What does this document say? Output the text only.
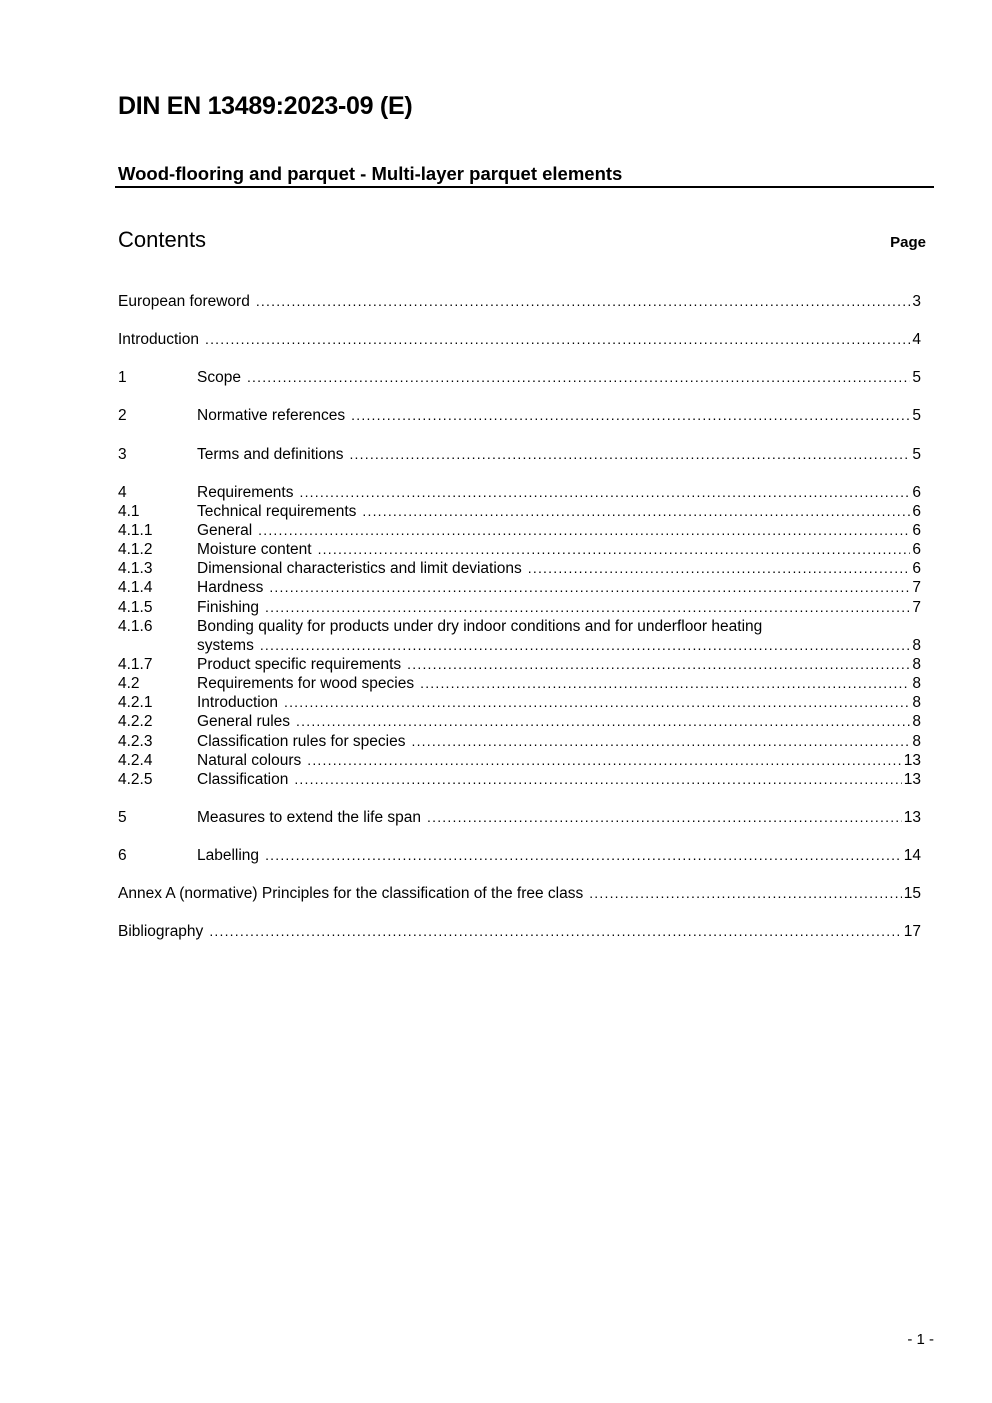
DIN EN 13489:2023-09 (E)
Wood-flooring and parquet - Multi-layer parquet elements
Contents	Page
European foreword .....	3
Introduction .....	4
1	Scope .....	5
2	Normative references .....	5
3	Terms and definitions .....	5
4	Requirements .....	6
4.1	Technical requirements .....	6
4.1.1	General .....	6
4.1.2	Moisture content .....	6
4.1.3	Dimensional characteristics and limit deviations .....	6
4.1.4	Hardness .....	7
4.1.5	Finishing .....	7
4.1.6	Bonding quality for products under dry indoor conditions and for underfloor heating
systems .....	8
4.1.7	Product specific requirements .....	8
4.2	Requirements for wood species .....	8
4.2.1	Introduction .....	8
4.2.2	General rules .....	8
4.2.3	Classification rules for species .....	8
4.2.4	Natural colours .....	13
4.2.5	Classification .....	13
5	Measures to extend the life span .....	13
6	Labelling .....	14
Annex A (normative) Principles for the classification of the free class .....	15
Bibliography .....	17
- 1 -
